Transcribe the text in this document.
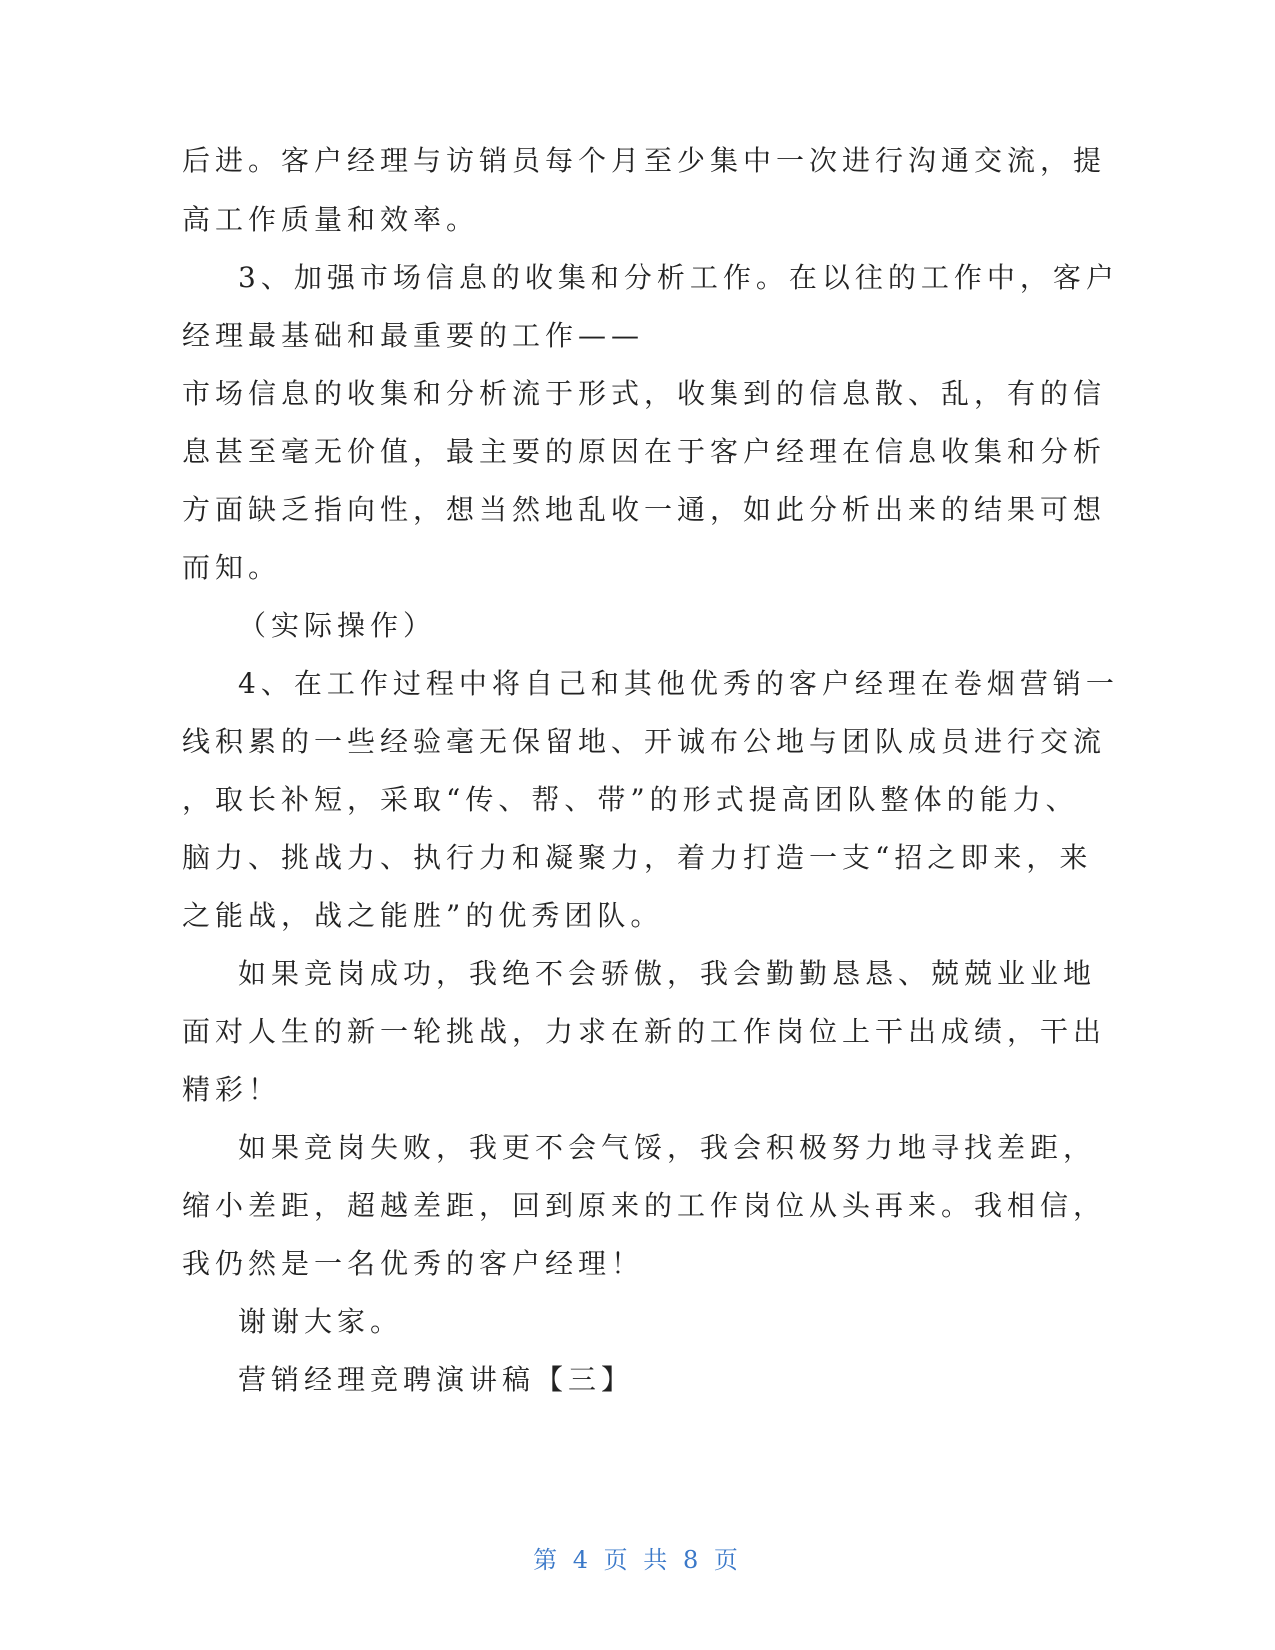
后进。客户经理与访销员每个月至少集中一次进行沟通交流，提
高工作质量和效率。
3、加强市场信息的收集和分析工作。在以往的工作中，客户
经理最基础和最重要的工作——
市场信息的收集和分析流于形式，收集到的信息散、乱，有的信
息甚至毫无价值，最主要的原因在于客户经理在信息收集和分析
方面缺乏指向性，想当然地乱收一通，如此分析出来的结果可想
而知。
（实际操作）
4、在工作过程中将自己和其他优秀的客户经理在卷烟营销一
线积累的一些经验毫无保留地、开诚布公地与团队成员进行交流
，取长补短，采取“传、帮、带”的形式提高团队整体的能力、
脑力、挑战力、执行力和凝聚力，着力打造一支“招之即来，来
之能战，战之能胜”的优秀团队。
如果竞岗成功，我绝不会骄傲，我会勤勤恳恳、兢兢业业地
面对人生的新一轮挑战，力求在新的工作岗位上干出成绩，干出
精彩！
如果竞岗失败，我更不会气馁，我会积极努力地寻找差距，
缩小差距，超越差距，回到原来的工作岗位从头再来。我相信，
我仍然是一名优秀的客户经理！
谢谢大家。
营销经理竞聘演讲稿【三】
第 4 页 共 8 页
